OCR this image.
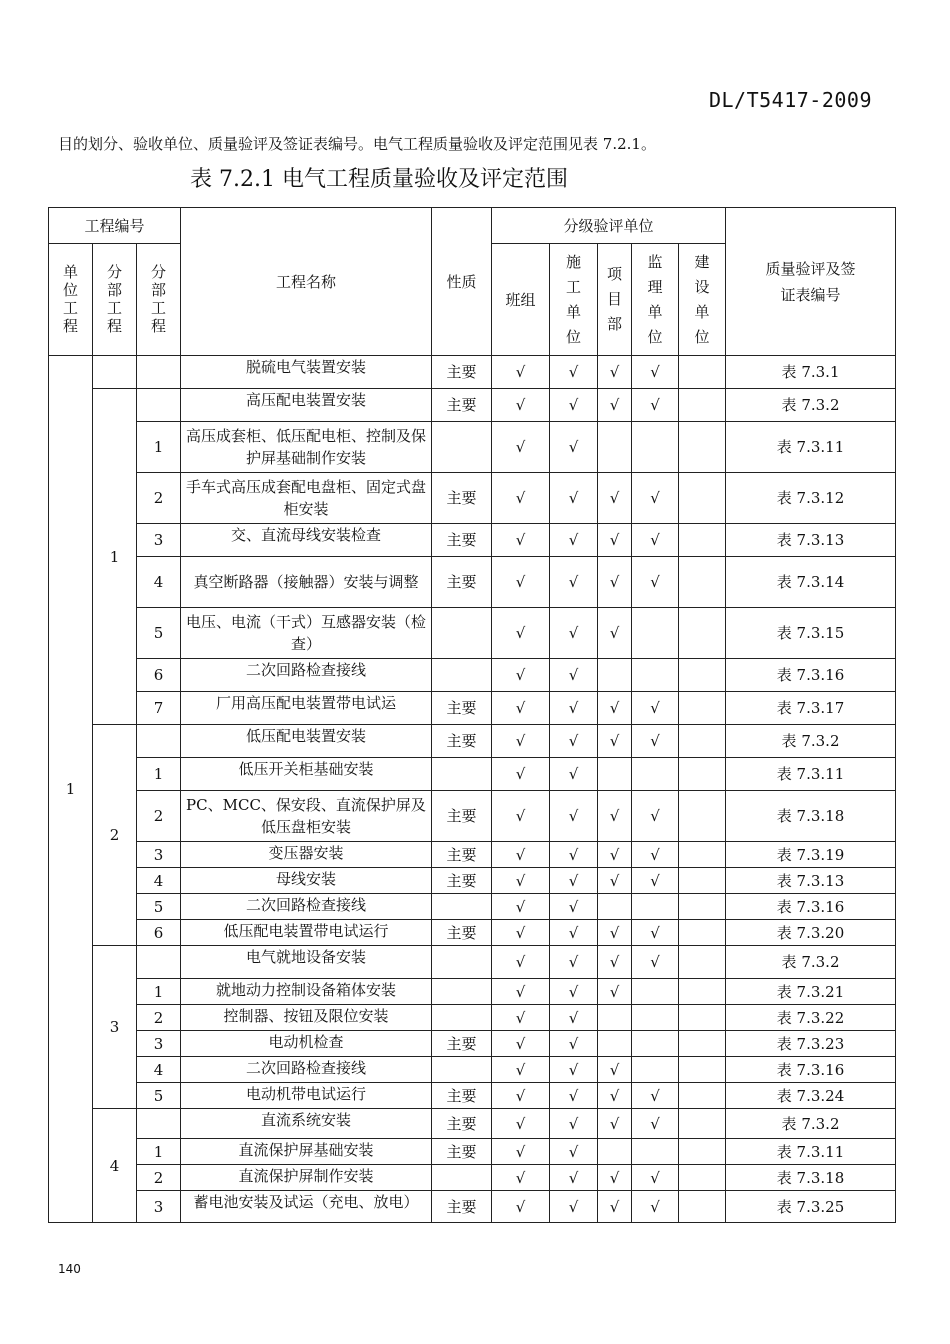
DL/T5417-2009
目的划分、验收单位、质量验评及签证表编号。电气工程质量验收及评定范围见表 7.2.1。
表 7.2.1 电气工程质量验收及评定范围
工程编号			工程名称	性质	分级验评单位					质量验评及签证表编号
单位工程	分部工程	分部工程			班组	施工单位	项目部	监理单位	建设单位	
1			脱硫电气装置安装	主要	√	√	√	√		表 7.3.1
	1		高压配电装置安装	主要	√	√	√	√		表 7.3.2
		1	高压成套柜、低压配电柜、控制及保护屏基础制作安装		√	√				表 7.3.11
		2	手车式高压成套配电盘柜、固定式盘柜安装	主要	√	√	√	√		表 7.3.12
		3	交、直流母线安装检查	主要	√	√	√	√		表 7.3.13
		4	真空断路器（接触器）安装与调整	主要	√	√	√	√		表 7.3.14
		5	电压、电流（干式）互感器安装（检查）		√	√	√			表 7.3.15
		6	二次回路检查接线		√	√				表 7.3.16
		7	厂用高压配电装置带电试运	主要	√	√	√	√		表 7.3.17
	2		低压配电装置安装	主要	√	√	√	√		表 7.3.2
		1	低压开关柜基础安装		√	√				表 7.3.11
		2	PC、MCC、保安段、直流保护屏及低压盘柜安装	主要	√	√	√	√		表 7.3.18
		3	变压器安装	主要	√	√	√	√		表 7.3.19
		4	母线安装	主要	√	√	√	√		表 7.3.13
		5	二次回路检查接线		√	√				表 7.3.16
		6	低压配电装置带电试运行	主要	√	√	√	√		表 7.3.20
	3		电气就地设备安装		√	√	√	√		表 7.3.2
		1	就地动力控制设备箱体安装		√	√	√			表 7.3.21
		2	控制器、按钮及限位安装		√	√				表 7.3.22
		3	电动机检查	主要	√	√				表 7.3.23
		4	二次回路检查接线		√	√	√			表 7.3.16
		5	电动机带电试运行	主要	√	√	√	√		表 7.3.24
	4		直流系统安装	主要	√	√	√	√		表 7.3.2
		1	直流保护屏基础安装	主要	√	√				表 7.3.11
		2	直流保护屏制作安装		√	√	√	√		表 7.3.18
		3	蓄电池安装及试运（充电、放电）	主要	√	√	√	√		表 7.3.25
140
